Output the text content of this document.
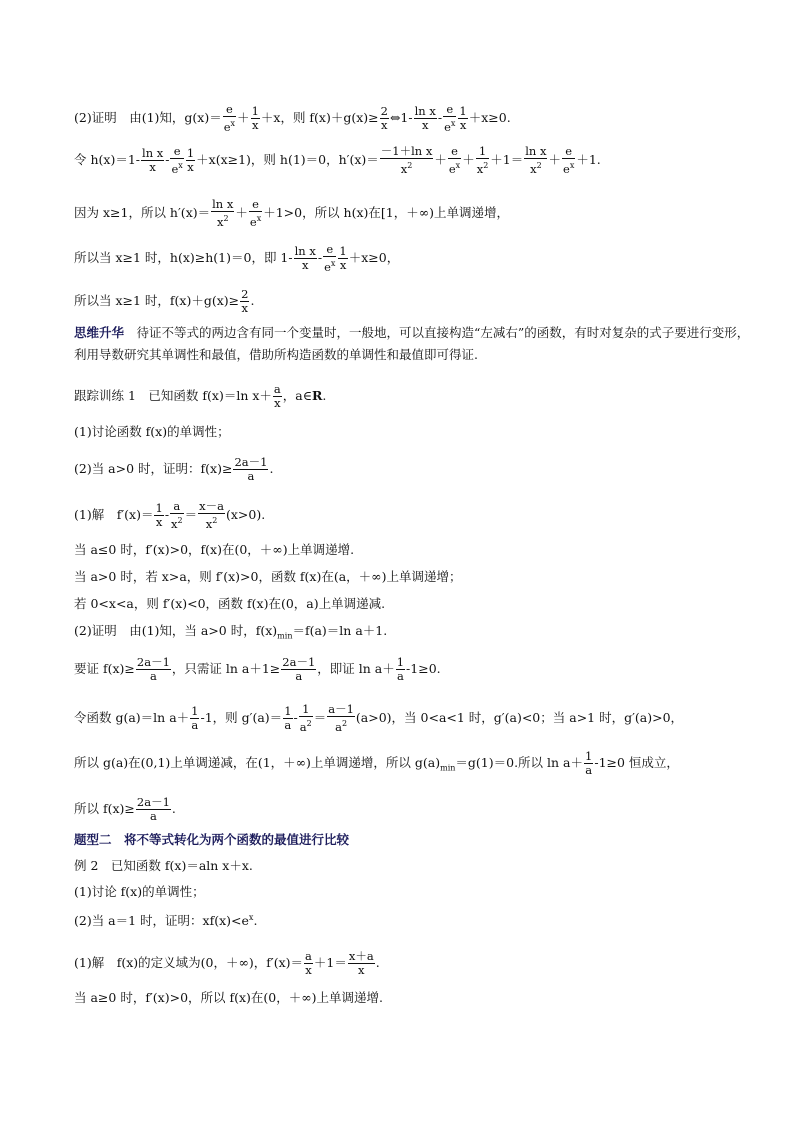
(2)证明　由(1)知，$g(x)= \frac{e}{e^x} + \frac{1}{x} +x$，则 $f(x)+g(x)\ge \frac{2}{x}$ ⇔1- $\frac{\text{ln x}}{x} - \frac{e}{e^x} \frac{1}{x} +x\ge 0$.
令 $h(x)=1- \frac{\text{ln x}}{x} - \frac{e}{e^x} \frac{1}{x} +x(x\ge 1)$，则 h(1)＝0，$h'(x)= \frac{\text{－1＋ln x}}{x^2} + \frac{e}{e^x} + \frac{1}{x^2} +1= \frac{\text{ln x}}{x^2} + \frac{e}{e^x} +1$.
因为 x≥1，所以 $h'(x)= \frac{\text{ln x}}{x^2} + \frac{e}{e^x} +1>0$，所以 h(x)在[1，＋∞)上单调递增，
所以当 x≥1 时，h(x)≥h(1)＝0，即 $1- \frac{\text{ln x}}{x} - \frac{e}{e^x} \frac{1}{x} +x\ge 0$，
所以当 x≥1 时，$f(x)+g(x)\ge \frac{2}{x}$ .
思维升华　待证不等式的两边含有同一个变量时，一般地，可以直接构造“左减右”的函数，有时对复杂的式子要进行变形，利用导数研究其单调性和最值，借助所构造函数的单调性和最值即可得证.
跟踪训练 1　已知函数 f(x)＝ln $x+ \frac{a}{x}$ ，a∈R.
(1)讨论函数 f(x)的单调性；
(2)当 a>0 时，证明：$f(x)\ge \frac{2a-1}{a}$ .
(1)解　$f'(x)= \frac{1}{x} - \frac{a}{x^2} = \frac{x-a}{x^2} (x>0)$.
当 a≤0 时，f′(x)>0，f(x)在(0，＋∞)上单调递增.
当 a>0 时，若 x>a，则 f′(x)>0，函数 f(x)在(a，＋∞)上单调递增；
若 0<x<a，则 f′(x)<0，函数 f(x)在(0，a)上单调递减.
(2)证明　由(1)知，当 a>0 时，$f(x)_{min}=f(a)=\ln$ a＋1.
要证 $f(x)\ge \frac{2a-1}{a}$ ，只需证 $\ln a+1\ge \frac{2a-1}{a}$ ，即证 $\ln a+ \frac{1}{a} -1\ge 0$.
令函数 g(a)＝ln $a+ \frac{1}{a} -1$，则 $g'(a)= \frac{1}{a} - \frac{1}{a^2} = \frac{a-1}{a^2} (a>0)$，当 0<a<1 时，g′(a)<0；当 a>1 时，g′(a)>0，
所以 g(a)在(0,1)上单调递减，在(1，＋∞)上单调递增，所以 $g(a)_{min}=g(1)=0$.所以 $\ln a+ \frac{1}{a} -1\ge 0$ 恒成立，
所以 $f(x)\ge \frac{2a-1}{a}$ .
题型二　将不等式转化为两个函数的最值进行比较
例 2　已知函数 f(x)＝aln x＋x.
(1)讨论 f(x)的单调性；
(2)当 a＝1 时，证明：$xf(x)<e^x$.
(1)解　f(x)的定义域为(0，＋∞)，$f'(x)= \frac{a}{x} +1= \frac{x+a}{x}$ .
当 a≥0 时，f′(x)>0，所以 f(x)在(0，＋∞)上单调递增.
